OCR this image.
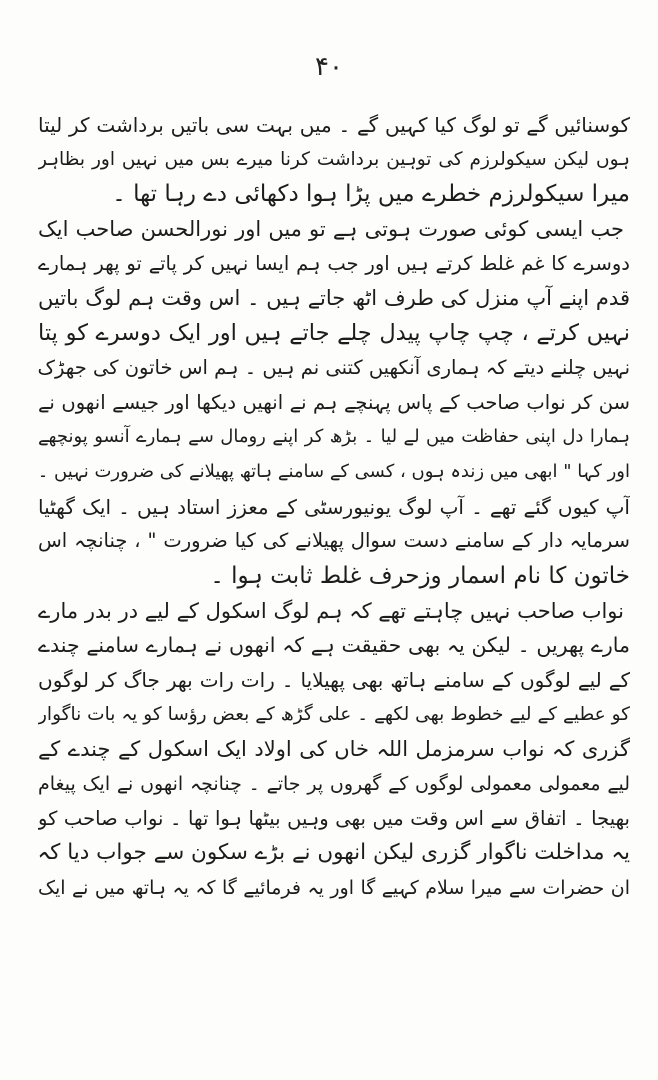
۴۰
کوسنائیں گے تو لوگ کیا کہیں گے ۔ میں بہت سی باتیں برداشت کر لیتا
ہوں لیکن سیکولرزم کی توہین برداشت کرنا میرے بس میں نہیں اور بظاہر
میرا سیکولرزم خطرے میں پڑا ہوا دکھائی دے رہا تھا ۔
جب ایسی کوئی صورت ہوتی ہے تو میں اور نورالحسن صاحب ایک
دوسرے کا غم غلط کرتے ہیں اور جب ہم ایسا نہیں کر پاتے تو پھر ہمارے
قدم اپنے آپ منزل کی طرف اٹھ جاتے ہیں ۔ اس وقت ہم لوگ باتیں
نہیں کرتے ، چپ چاپ پیدل چلے جاتے ہیں اور ایک دوسرے کو پتا
نہیں چلنے دیتے کہ ہماری آنکھیں کتنی نم ہیں ۔ ہم اس خاتون کی جھڑک
سن کر نواب صاحب کے پاس پہنچے ہم نے انھیں دیکھا اور جیسے انھوں نے
ہمارا دل اپنی حفاظت میں لے لیا ۔ بڑھ کر اپنے رومال سے ہمارے آنسو پونچھے
اور کہا " ابھی میں زندہ ہوں ، کسی کے سامنے ہاتھ پھیلانے کی ضرورت نہیں ۔
آپ کیوں گئے تھے ۔ آپ لوگ یونیورسٹی کے معزز استاد ہیں ۔ ایک گھٹیا
سرمایہ دار کے سامنے دست سوال پھیلانے کی کیا ضرورت " ، چنانچہ اس
خاتون کا نام اسمار وزحرف غلط ثابت ہوا ۔
نواب صاحب نہیں چاہتے تھے کہ ہم لوگ اسکول کے لیے در بدر مارے
مارے پھریں ۔ لیکن یہ بھی حقیقت ہے کہ انھوں نے ہمارے سامنے چندے
کے لیے لوگوں کے سامنے ہاتھ بھی پھیلایا ۔ رات رات بھر جاگ کر لوگوں
کو عطیے کے لیے خطوط بھی لکھے ۔ علی گڑھ کے بعض رؤسا کو یہ بات ناگوار
گزری کہ نواب سرمزمل اللہ خاں کی اولاد ایک اسکول کے چندے کے
لیے معمولی معمولی لوگوں کے گھروں پر جاتے ۔ چنانچہ انھوں نے ایک پیغام
بھیجا ۔ اتفاق سے اس وقت میں بھی وہیں بیٹھا ہوا تھا ۔ نواب صاحب کو
یہ مداخلت ناگوار گزری لیکن انھوں نے بڑے سکون سے جواب دیا کہ
ان حضرات سے میرا سلام کہیے گا اور یہ فرمائیے گا کہ یہ ہاتھ میں نے ایک
